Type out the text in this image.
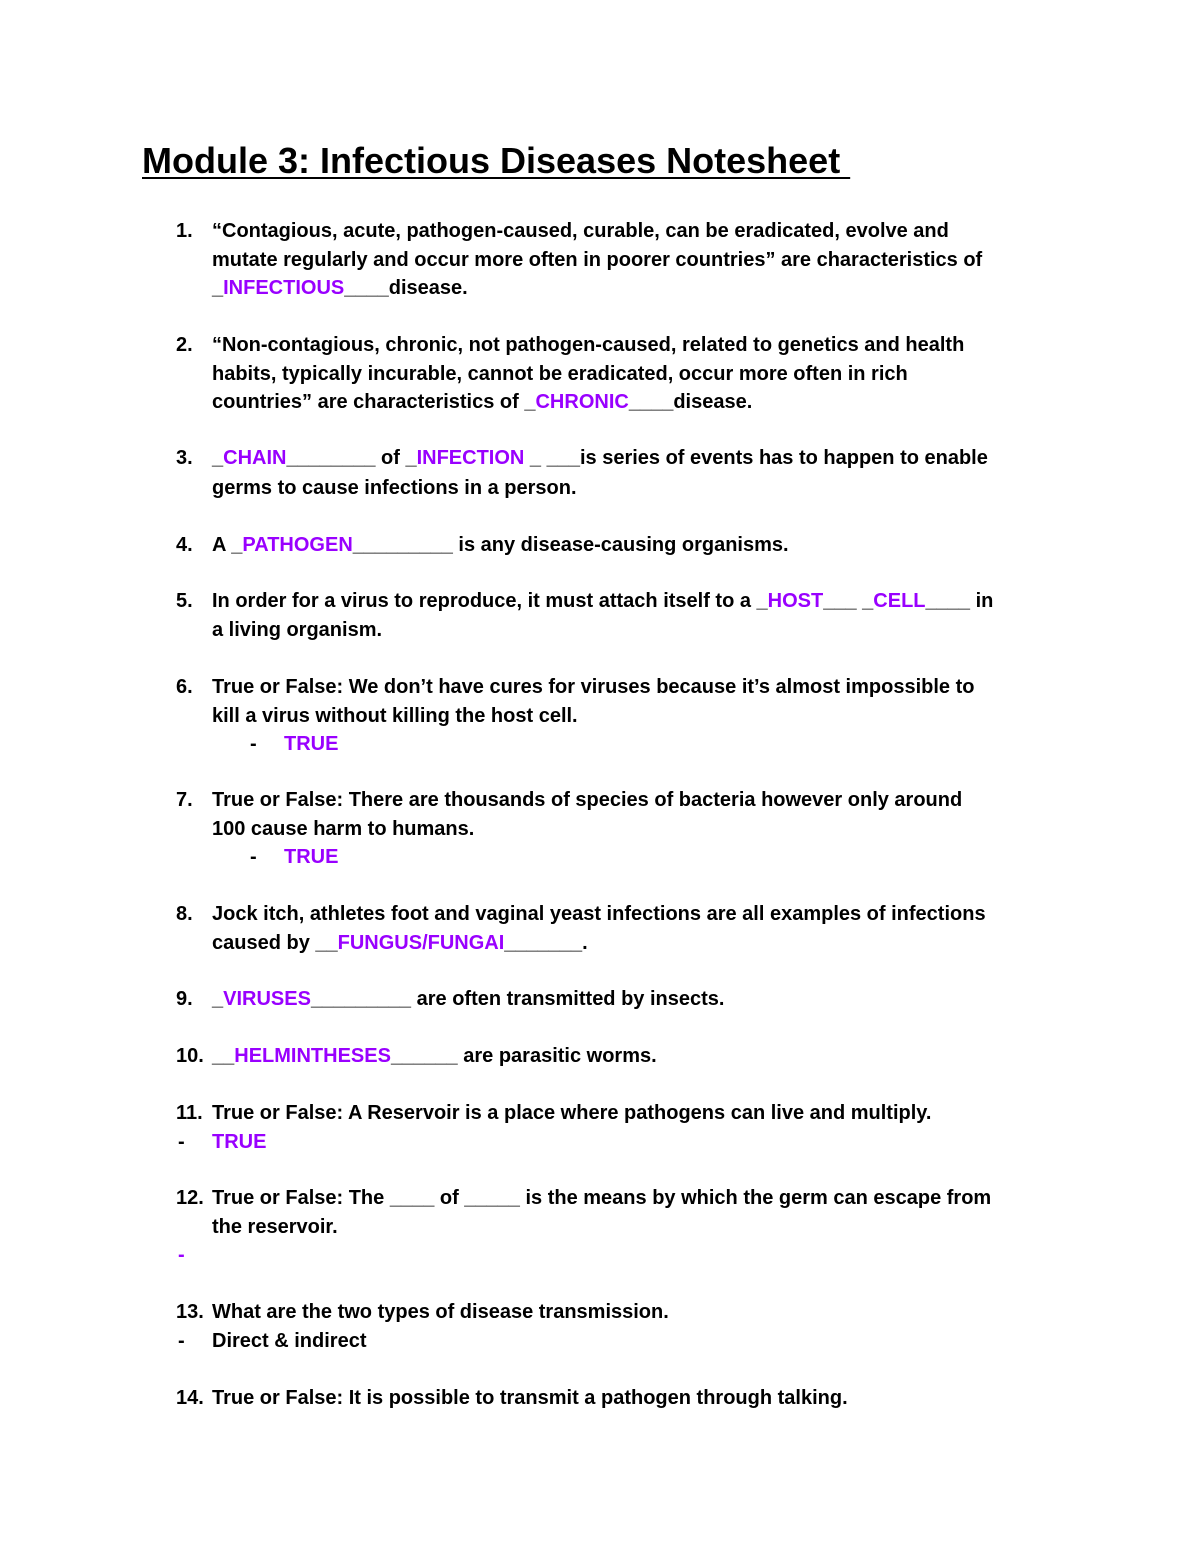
Module 3: Infectious Diseases Notesheet
1. “Contagious, acute, pathogen-caused, curable, can be eradicated, evolve and
mutate regularly and occur more often in poorer countries” are characteristics of
_INFECTIOUS____disease.
2. “Non-contagious, chronic, not pathogen-caused, related to genetics and health
habits, typically incurable, cannot be eradicated, occur more often in rich
countries” are characteristics of _CHRONIC____disease.
3. _CHAIN________ of _INFECTION _ ___is series of events has to happen to enable
germs to cause infections in a person.
4. A _PATHOGEN_________ is any disease-causing organisms.
5. In order for a virus to reproduce, it must attach itself to a _HOST___ _CELL____ in
a living organism.
6. True or False: We don’t have cures for viruses because it’s almost impossible to
kill a virus without killing the host cell.
- TRUE
7. True or False: There are thousands of species of bacteria however only around
100 cause harm to humans.
- TRUE
8. Jock itch, athletes foot and vaginal yeast infections are all examples of infections
caused by __FUNGUS/FUNGAI_______.
9. _VIRUSES_________ are often transmitted by insects.
10. __HELMINTHESES______ are parasitic worms.
11. True or False: A Reservoir is a place where pathogens can live and multiply.
- TRUE
12. True or False: The ____ of _____ is the means by which the germ can escape from
the reservoir.
-
13. What are the two types of disease transmission.
- Direct & indirect
14. True or False: It is possible to transmit a pathogen through talking.
